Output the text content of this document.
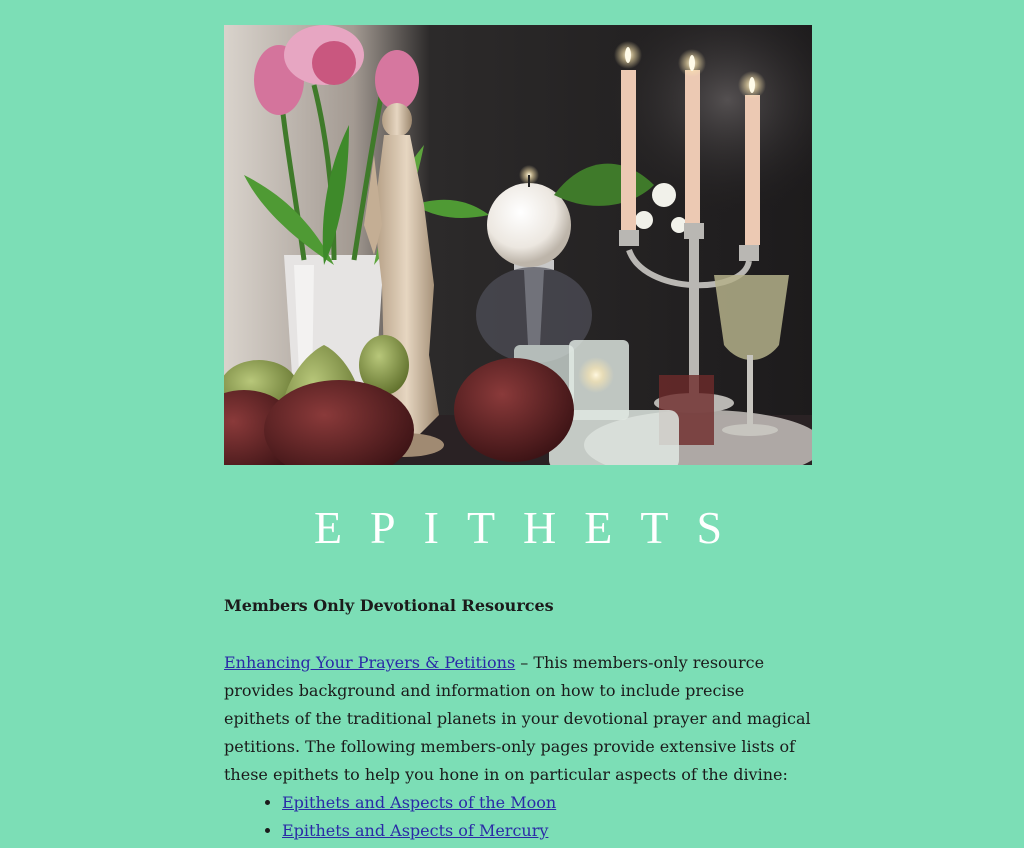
EPITHETS

Members Only Devotional Resources

Enhancing Your Prayers & Petitions – This members-only resource provides background and information on how to include precise epithets of the traditional planets in your devotional prayer and magical petitions. The following members-only pages provide extensive lists of these epithets to help you hone in on particular aspects of the divine:

• Epithets and Aspects of the Moon
• Epithets and Aspects of Mercury
